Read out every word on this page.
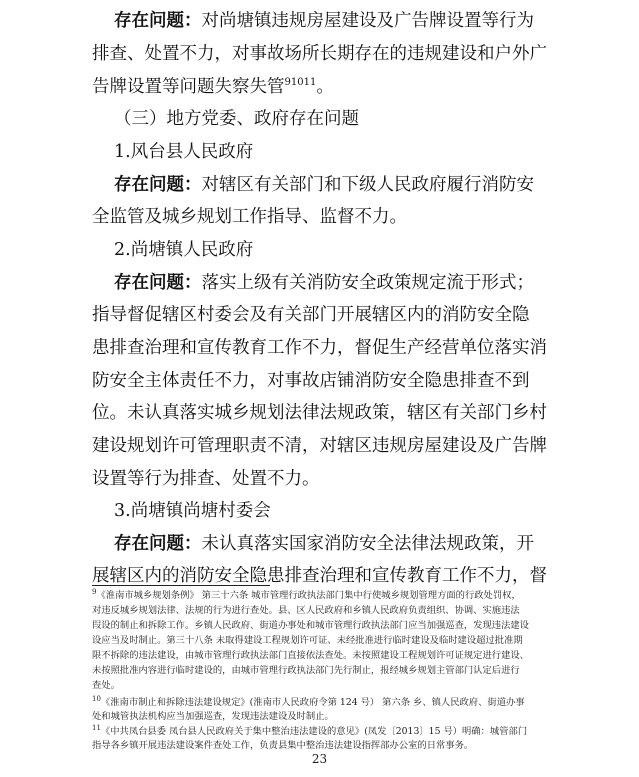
存在问题：对尚塘镇违规房屋建设及广告牌设置等行为
排查、处置不力，对事故场所长期存在的违规建设和户外广
告牌设置等问题失察失管$^{91011}$。
（三）地方党委、政府存在问题
1.风台县人民政府
存在问题：对辖区有关部门和下级人民政府履行消防安
全监管及城乡规划工作指导、监督不力。
2.尚塘镇人民政府
存在问题：落实上级有关消防安全政策规定流于形式；
指导督促辖区村委会及有关部门开展辖区内的消防安全隐
患排查治理和宣传教育工作不力，督促生产经营单位落实消
防安全主体责任不力，对事故店铺消防安全隐患排查不到
位。未认真落实城乡规划法律法规政策，辖区有关部门乡村
建设规划许可管理职责不清，对辖区违规房屋建设及广告牌
设置等行为排查、处置不力。
3.尚塘镇尚塘村委会
存在问题：未认真落实国家消防安全法律法规政策，开
展辖区内的消防安全隐患排查治理和宣传教育工作不力，督
$^9$《淮南市城乡规划条例》 第三十六条 城市管理行政执法部门集中行使城乡规划管理方面的行政处罚权，
对违反城乡规划法律、法规的行为进行查处。县、区人民政府和乡镇人民政府负责组织、协调、实施违法
叚设的制止和拆除工作。乡镇人民政府、街道办事处和城市管理行政执法部门应当加强巡查，发现违法建设
设应当及时制止。第三十八条 未取得建设工程规划许可证、未经批准进行临时建设及临时建设超过批准期
限不拆除的违法建设，由城市管理行政执法部门直接依法查处。未按照建设工程规划许可证规定进行建设、
未按照批准内容进行临时建设的，由城市管理行政执法部门先行制止，报经城乡规划主管部门认定后进行
查处。
$^{10}$《淮南市制止和拆除违法建设规定》(淮南市人民政府令第 124 号） 第六条 乡、镇人民政府、街道办事
处和城管执法机构应当加强巡查，发现违法建设及时制止。
$^{11}$《中共凤台县委 凤台县人民政府关于集中整治违法建设的意见》(凤发〔2013〕15 号）明确：城管部门
指导各乡镇开展违法建设案件查处工作，负责县集中整治违法建设指挥部办公室的日常事务。
23
